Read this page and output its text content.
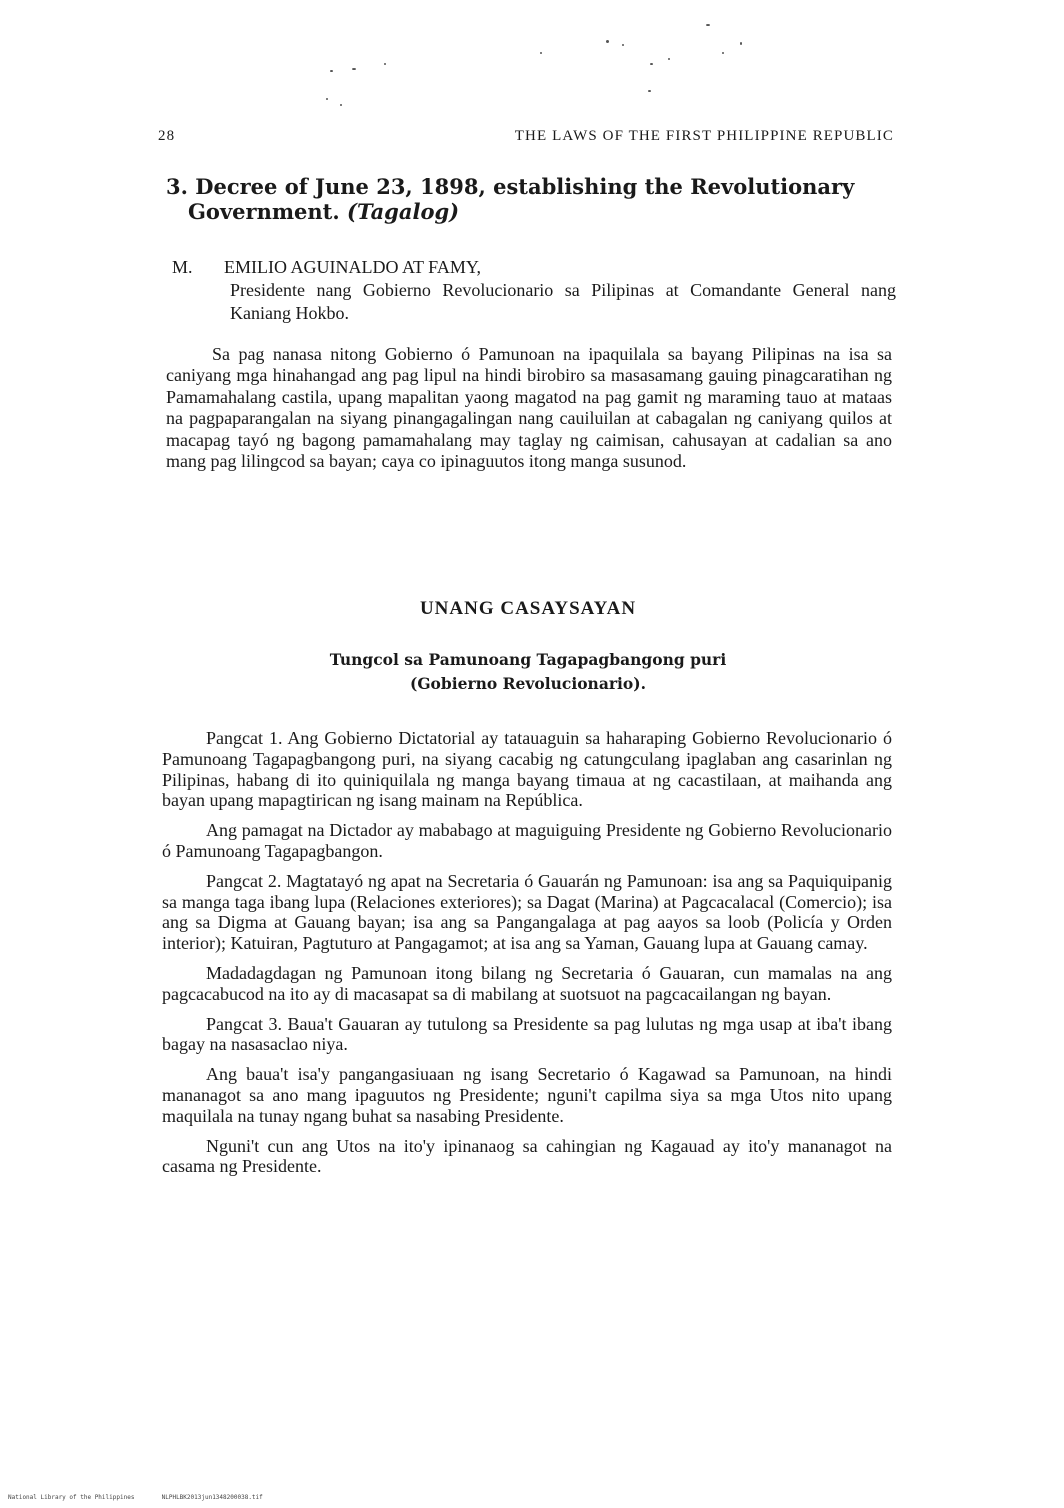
28	THE LAWS OF THE FIRST PHILIPPINE REPUBLIC
3. Decree of June 23, 1898, establishing the Revolutionary
Government. (Tagalog)
M. EMILIO AGUINALDO AT FAMY,
Presidente nang Gobierno Revolucionario sa Pilipinas at Comandante General nang Kaniang Hokbo.

Sa pag nanasa nitong Gobierno ó Pamunoan na ipaquilala sa bayang Pilipinas na isa sa caniyang mga hinahangad ang pag lipul na hindi birobiro sa masasamang gauing pinagcaratihan ng Pamamahalang castila, upang mapalitan yaong magatod na pag gamit ng maraming tauo at mataas na pagpaparangalan na siyang pinangagalingan nang cauiluilan at cabagalan ng caniyang quilos at macapag tayó ng bagong pamamahalang may taglay ng caimisan, cahusayan at cadalian sa ano mang pag lilingcod sa bayan; caya co ipinaguutos itong manga susunod.

UNANG CASAYSAYAN
Tungcol sa Pamunoang Tagapagbangong puri
(Gobierno Revolucionario).

Pangcat 1. Ang Gobierno Dictatorial ay tatauaguin sa haharaping Gobierno Revolucionario ó Pamunoang Tagapagbangong puri, na siyang cacabig ng catungculang ipaglaban ang casarinlan ng Pilipinas, habang di ito quiniquilala ng manga bayang timaua at ng cacastilaan, at maihanda ang bayan upang mapagtirican ng isang mainam na República.

Ang pamagat na Dictador ay mababago at maguiguing Presidente ng Gobierno Revolucionario ó Pamunoang Tagapagbangon.

Pangcat 2. Magtatayó ng apat na Secretaria ó Gauarán ng Pamunoan: isa ang sa Paquiquipanig sa manga taga ibang lupa (Relaciones exteriores); sa Dagat (Marina) at Pagcacalacal (Comercio); isa ang sa Digma at Gauang bayan; isa ang sa Pangangalaga at pag aayos sa loob (Policía y Orden interior); Katuiran, Pagtuturo at Pangagamot; at isa ang sa Yaman, Gauang lupa at Gauang camay.

Madadagdagan ng Pamunoan itong bilang ng Secretaria ó Gauaran, cun mamalas na ang pagcacabucod na ito ay di macasapat sa di mabilang at suotsuot na pagcacailangan ng bayan.

Pangcat 3. Baua't Gauaran ay tutulong sa Presidente sa pag lulutas ng mga usap at iba't ibang bagay na nasasaclao niya.

Ang baua't isa'y pangangasiuaan ng isang Secretario ó Kagawad sa Pamunoan, na hindi mananagot sa ano mang ipaguutos ng Presidente; nguni't capilma siya sa mga Utos nito upang maquilala na tunay ngang buhat sa nasabing Presidente.

Nguni't cun ang Utos na ito'y ipinanaog sa cahingian ng Kagauad ay ito'y mananagot na casama ng Presidente.

National Library of the Philippines	NLPHLBK2013jun1348200038.tif
